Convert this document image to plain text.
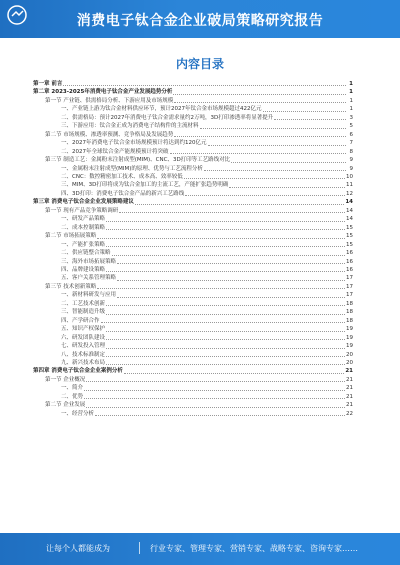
消费电子钛合金企业破局策略研究报告
内容目录
第一章 前言	1
第二章 2023-2025年消费电子钛合金产业发展趋势分析	1
第一节 产业链、供需格局分析、下游应用及市场规模	1
一、产业链上游为钛合金材料供应环节，预计2027年钛合金市场规模超过422亿元	1
二、供需格局：预计2027年消费电子钛合金需求量约2万吨，3D打印渗透率将显著提升	3
三、下游应用：钛合金正成为消费电子结构件的主流材料	5
第二节 市场规模、渗透率预测、竞争格局及发展趋势	6
一、2027年消费电子钛合金市场规模预计将达到约120亿元	7
二、2027年全球钛合金产能规模预计将突破	8
第三节 制造工艺：金属粉末注射成型(MIM)、CNC、3D打印等工艺路线对比	9
一、金属粉末注射成型(MIM)的原理、优势与工艺流程分析	9
二、CNC：数控精密加工技术、成本高、效率较低	10
三、MIM、3D打印将成为钛合金加工的主流工艺，产能扩张趋势明确	11
四、3D打印：消费电子钛合金产品的新兴工艺路线	12
第三章 消费电子钛合金企业发展策略建议	14
第一节 现有产品竞争策略调研	14
一、研发产品策略	14
二、成本控制策略	15
第二节 市场拓展策略	15
一、产能扩张策略	15
二、供应链整合策略	16
三、海外市场拓展策略	16
四、品牌建设策略	16
五、客户关系管理策略	17
第三节 技术创新策略	17
一、新材料研发与应用	17
二、工艺技术创新	18
三、智能制造升级	18
四、产学研合作	18
五、知识产权保护	19
六、研发团队建设	19
七、研发投入管理	19
八、技术标准制定	20
九、新兴技术布局	20
第四章 消费电子钛合金企业案例分析	21
第一节 企业概况	21
一、简介	21
二、优势	21
第二节 企业发展	21
一、经营分析	22
让每个人都能成为	行业专家、管理专家、营销专家、战略专家、咨询专家……
